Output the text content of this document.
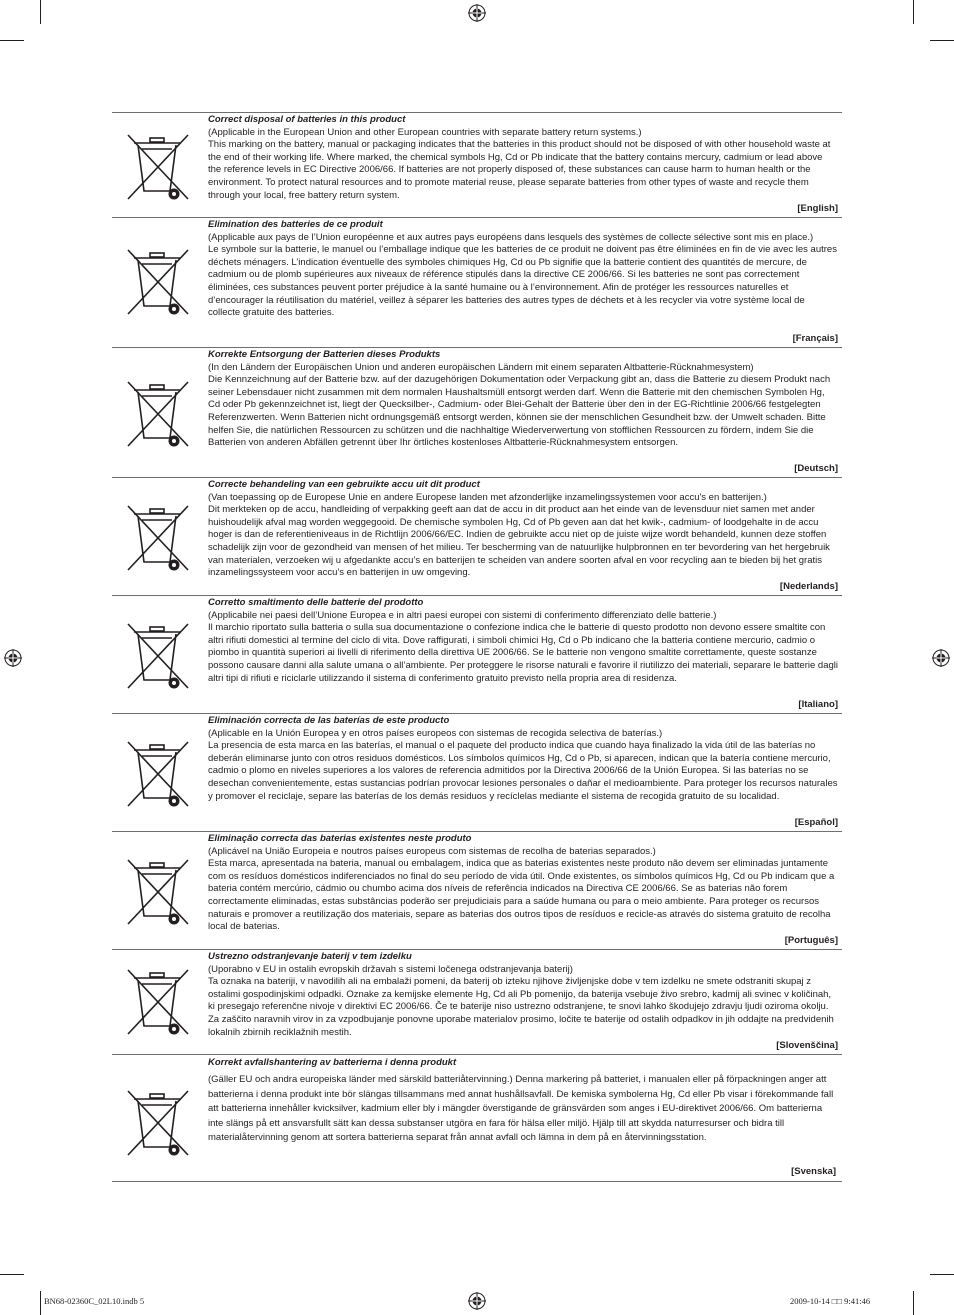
Correct disposal of batteries in this product
(Applicable in the European Union and other European countries with separate battery return systems.)
This marking on the battery, manual or packaging indicates that the batteries in this product should not be disposed of with other household waste at the end of their working life. Where marked, the chemical symbols Hg, Cd or Pb indicate that the battery contains mercury, cadmium or lead above the reference levels in EC Directive 2006/66. If batteries are not properly disposed of, these substances can cause harm to human health or the environment. To protect natural resources and to promote material reuse, please separate batteries from other types of waste and recycle them through your local, free battery return system.
[English]
Elimination des batteries de ce produit
(Applicable aux pays de l’Union européenne et aux autres pays européens dans lesquels des systèmes de collecte sélective sont mis en place.)
Le symbole sur la batterie, le manuel ou l’emballage indique que les batteries de ce produit ne doivent pas être éliminées en fin de vie avec les autres déchets ménagers. L’indication éventuelle des symboles chimiques Hg, Cd ou Pb signifie que la batterie contient des quantités de mercure, de cadmium ou de plomb supérieures aux niveaux de référence stipulés dans la directive CE 2006/66. Si les batteries ne sont pas correctement éliminées, ces substances peuvent porter préjudice à la santé humaine ou à l’environnement. Afin de protéger les ressources naturelles et d’encourager la réutilisation du matériel, veillez à séparer les batteries des autres types de déchets et à les recycler via votre système local de collecte gratuite des batteries.
[Français]
Korrekte Entsorgung der Batterien dieses Produkts
(In den Ländern der Europäischen Union und anderen europäischen Ländern mit einem separaten Altbatterie-Rücknahmesystem)
Die Kennzeichnung auf der Batterie bzw. auf der dazugehörigen Dokumentation oder Verpackung gibt an, dass die Batterie zu diesem Produkt nach seiner Lebensdauer nicht zusammen mit dem normalen Haushaltsmüll entsorgt werden darf. Wenn die Batterie mit den chemischen Symbolen Hg, Cd oder Pb gekennzeichnet ist, liegt der Quecksilber-, Cadmium- oder Blei-Gehalt der Batterie über den in der EG-Richtlinie 2006/66 festgelegten Referenzwerten. Wenn Batterien nicht ordnungsgemäß entsorgt werden, können sie der menschlichen Gesundheit bzw. der Umwelt schaden. Bitte helfen Sie, die natürlichen Ressourcen zu schützen und die nachhaltige Wiederverwertung von stofflichen Ressourcen zu fördern, indem Sie die Batterien von anderen Abfällen getrennt über Ihr örtliches kostenloses Altbatterie-Rücknahmesystem entsorgen.
[Deutsch]
Correcte behandeling van een gebruikte accu uit dit product
(Van toepassing op de Europese Unie en andere Europese landen met afzonderlijke inzamelingssystemen voor accu's en batterijen.)
Dit merkteken op de accu, handleiding of verpakking geeft aan dat de accu in dit product aan het einde van de levensduur niet samen met ander huishoudelijk afval mag worden weggegooid. De chemische symbolen Hg, Cd of Pb geven aan dat het kwik-, cadmium- of loodgehalte in de accu hoger is dan de referentieniveaus in de Richtlijn 2006/66/EC. Indien de gebruikte accu niet op de juiste wijze wordt behandeld, kunnen deze stoffen schadelijk zijn voor de gezondheid van mensen of het milieu. Ter bescherming van de natuurlijke hulpbronnen en ter bevordering van het hergebruik van materialen, verzoeken wij u afgedankte accu’s en batterijen te scheiden van andere soorten afval en voor recycling aan te bieden bij het gratis inzamelingssysteem voor accu’s en batterijen in uw omgeving.
[Nederlands]
Corretto smaltimento delle batterie del prodotto
(Applicabile nei paesi dell’Unione Europea e in altri paesi europei con sistemi di conferimento differenziato delle batterie.)
Il marchio riportato sulla batteria o sulla sua documentazione o confezione indica che le batterie di questo prodotto non devono essere smaltite con altri rifiuti domestici al termine del ciclo di vita. Dove raffigurati, i simboli chimici Hg, Cd o Pb indicano che la batteria contiene mercurio, cadmio o piombo in quantità superiori ai livelli di riferimento della direttiva UE 2006/66. Se le batterie non vengono smaltite correttamente, queste sostanze possono causare danni alla salute umana o all’ambiente. Per proteggere le risorse naturali e favorire il riutilizzo dei materiali, separare le batterie dagli altri tipi di rifiuti e riciclarle utilizzando il sistema di conferimento gratuito previsto nella propria area di residenza.
[Italiano]
Eliminación correcta de las baterías de este producto
(Aplicable en la Unión Europea y en otros países europeos con sistemas de recogida selectiva de baterías.)
La presencia de esta marca en las baterías, el manual o el paquete del producto indica que cuando haya finalizado la vida útil de las baterías no deberán eliminarse junto con otros residuos domésticos. Los símbolos químicos Hg, Cd o Pb, si aparecen, indican que la batería contiene mercurio, cadmio o plomo en niveles superiores a los valores de referencia admitidos por la Directiva 2006/66 de la Unión Europea. Si las baterías no se desechan convenientemente, estas sustancias podrían provocar lesiones personales o dañar el medioambiente. Para proteger los recursos naturales y promover el reciclaje, separe las baterías de los demás residuos y recíclelas mediante el sistema de recogida gratuito de su localidad.
[Español]
Eliminação correcta das baterias existentes neste produto
(Aplicável na União Europeia e noutros países europeus com sistemas de recolha de baterias separados.)
Esta marca, apresentada na bateria, manual ou embalagem, indica que as baterias existentes neste produto não devem ser eliminadas juntamente com os resíduos domésticos indiferenciados no final do seu período de vida útil. Onde existentes, os símbolos químicos Hg, Cd ou Pb indicam que a bateria contém mercúrio, cádmio ou chumbo acima dos níveis de referência indicados na Directiva CE 2006/66. Se as baterias não forem correctamente eliminadas, estas substâncias poderão ser prejudiciais para a saúde humana ou para o meio ambiente. Para proteger os recursos naturais e promover a reutilização dos materiais, separe as baterias dos outros tipos de resíduos e recicle-as através do sistema gratuito de recolha local de baterias.
[Português]
Ustrezno odstranjevanje baterij v tem izdelku
(Uporabno v EU in ostalih evropskih državah s sistemi ločenega odstranjevanja baterij)
Ta oznaka na bateriji, v navodilih ali na embalaži pomeni, da baterij ob izteku njihove življenjske dobe v tem izdelku ne smete odstraniti skupaj z ostalimi gospodinjskimi odpadki. Oznake za kemijske elemente Hg, Cd ali Pb pomenijo, da baterija vsebuje živo srebro, kadmij ali svinec v količinah, ki presegajo referenčne nivoje v direktivi EC 2006/66. Če te baterije niso ustrezno odstranjene, te snovi lahko škodujejo zdravju ljudi oziroma okolju. Za zaščito naravnih virov in za vzpodbujanje ponovne uporabe materialov prosimo, ločite te baterije od ostalih odpadkov in jih oddajte na predvidenih lokalnih zbirnih reciklažnih mestih.
[Slovenščina]
Korrekt avfallshantering av batterierna i denna produkt
(Gäller EU och andra europeiska länder med särskild batteriåtervinning.) Denna markering på batteriet, i manualen eller på förpackningen anger att batterierna i denna produkt inte bör slängas tillsammans med annat hushållsavfall. De kemiska symbolerna Hg, Cd eller Pb visar i förekommande fall att batterierna innehåller kvicksilver, kadmium eller bly i mängder överstigande de gränsvärden som anges i EU-direktivet 2006/66. Om batterierna inte slängs på ett ansvarsfullt sätt kan dessa substanser utgöra en fara för hälsa eller miljö. Hjälp till att skydda naturresurser och bidra till materialåtervinning genom att sortera batterierna separat från annat avfall och lämna in dem på en återvinningsstation.
[Svenska]
BN68-02360C_02L10.indb 5	2009-10-14 □□ 9:41:46
